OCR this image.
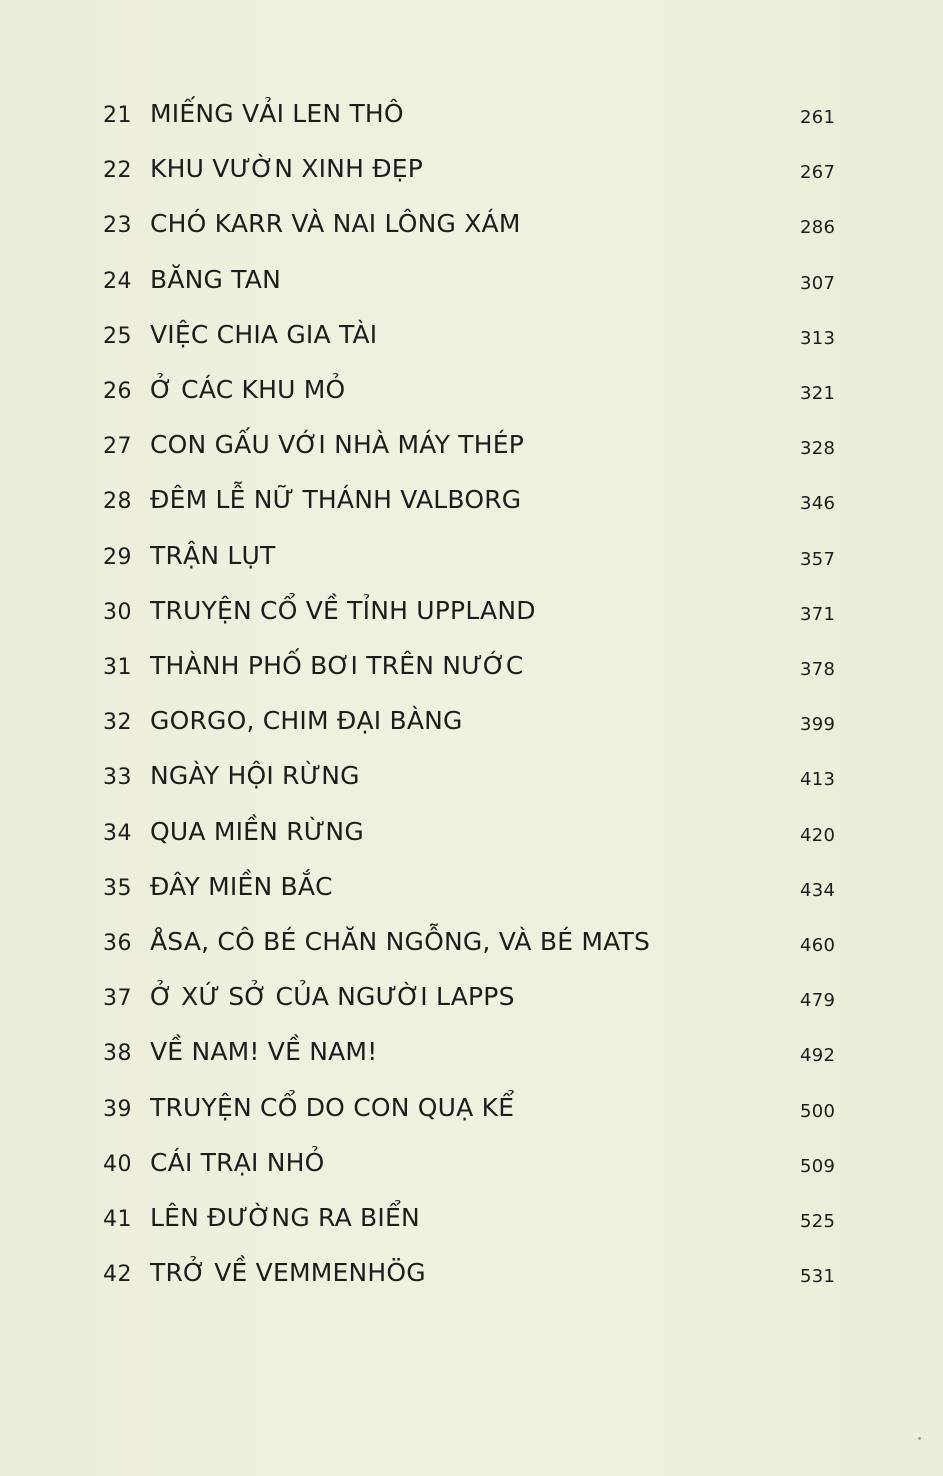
21 MIẾNG VẢI LEN THÔ	261
22 KHU VƯỜN XINH ĐẸP	267
23 CHÓ KARR VÀ NAI LÔNG XÁM	286
24 BĂNG TAN	307
25 VIỆC CHIA GIA TÀI	313
26 Ở CÁC KHU MỎ	321
27 CON GẤU VỚI NHÀ MÁY THÉP	328
28 ĐÊM LỄ NỮ THÁNH VALBORG	346
29 TRẬN LỤT	357
30 TRUYỆN CỔ VỀ TỈNH UPPLAND	371
31 THÀNH PHỐ BƠI TRÊN NƯỚC	378
32 GORGO, CHIM ĐẠI BÀNG	399
33 NGÀY HỘI RỪNG	413
34 QUA MIỀN RỪNG	420
35 ĐÂY MIỀN BẮC	434
36 ÅSA, CÔ BÉ CHĂN NGỖNG, VÀ BÉ MATS	460
37 Ở XỨ SỞ CỦA NGƯỜI LAPPS	479
38 VỀ NAM! VỀ NAM!	492
39 TRUYỆN CỔ DO CON QUẠ KỂ	500
40 CÁI TRẠI NHỎ	509
41 LÊN ĐƯỜNG RA BIỂN	525
42 TRỞ VỀ VEMMENHÖG	531
